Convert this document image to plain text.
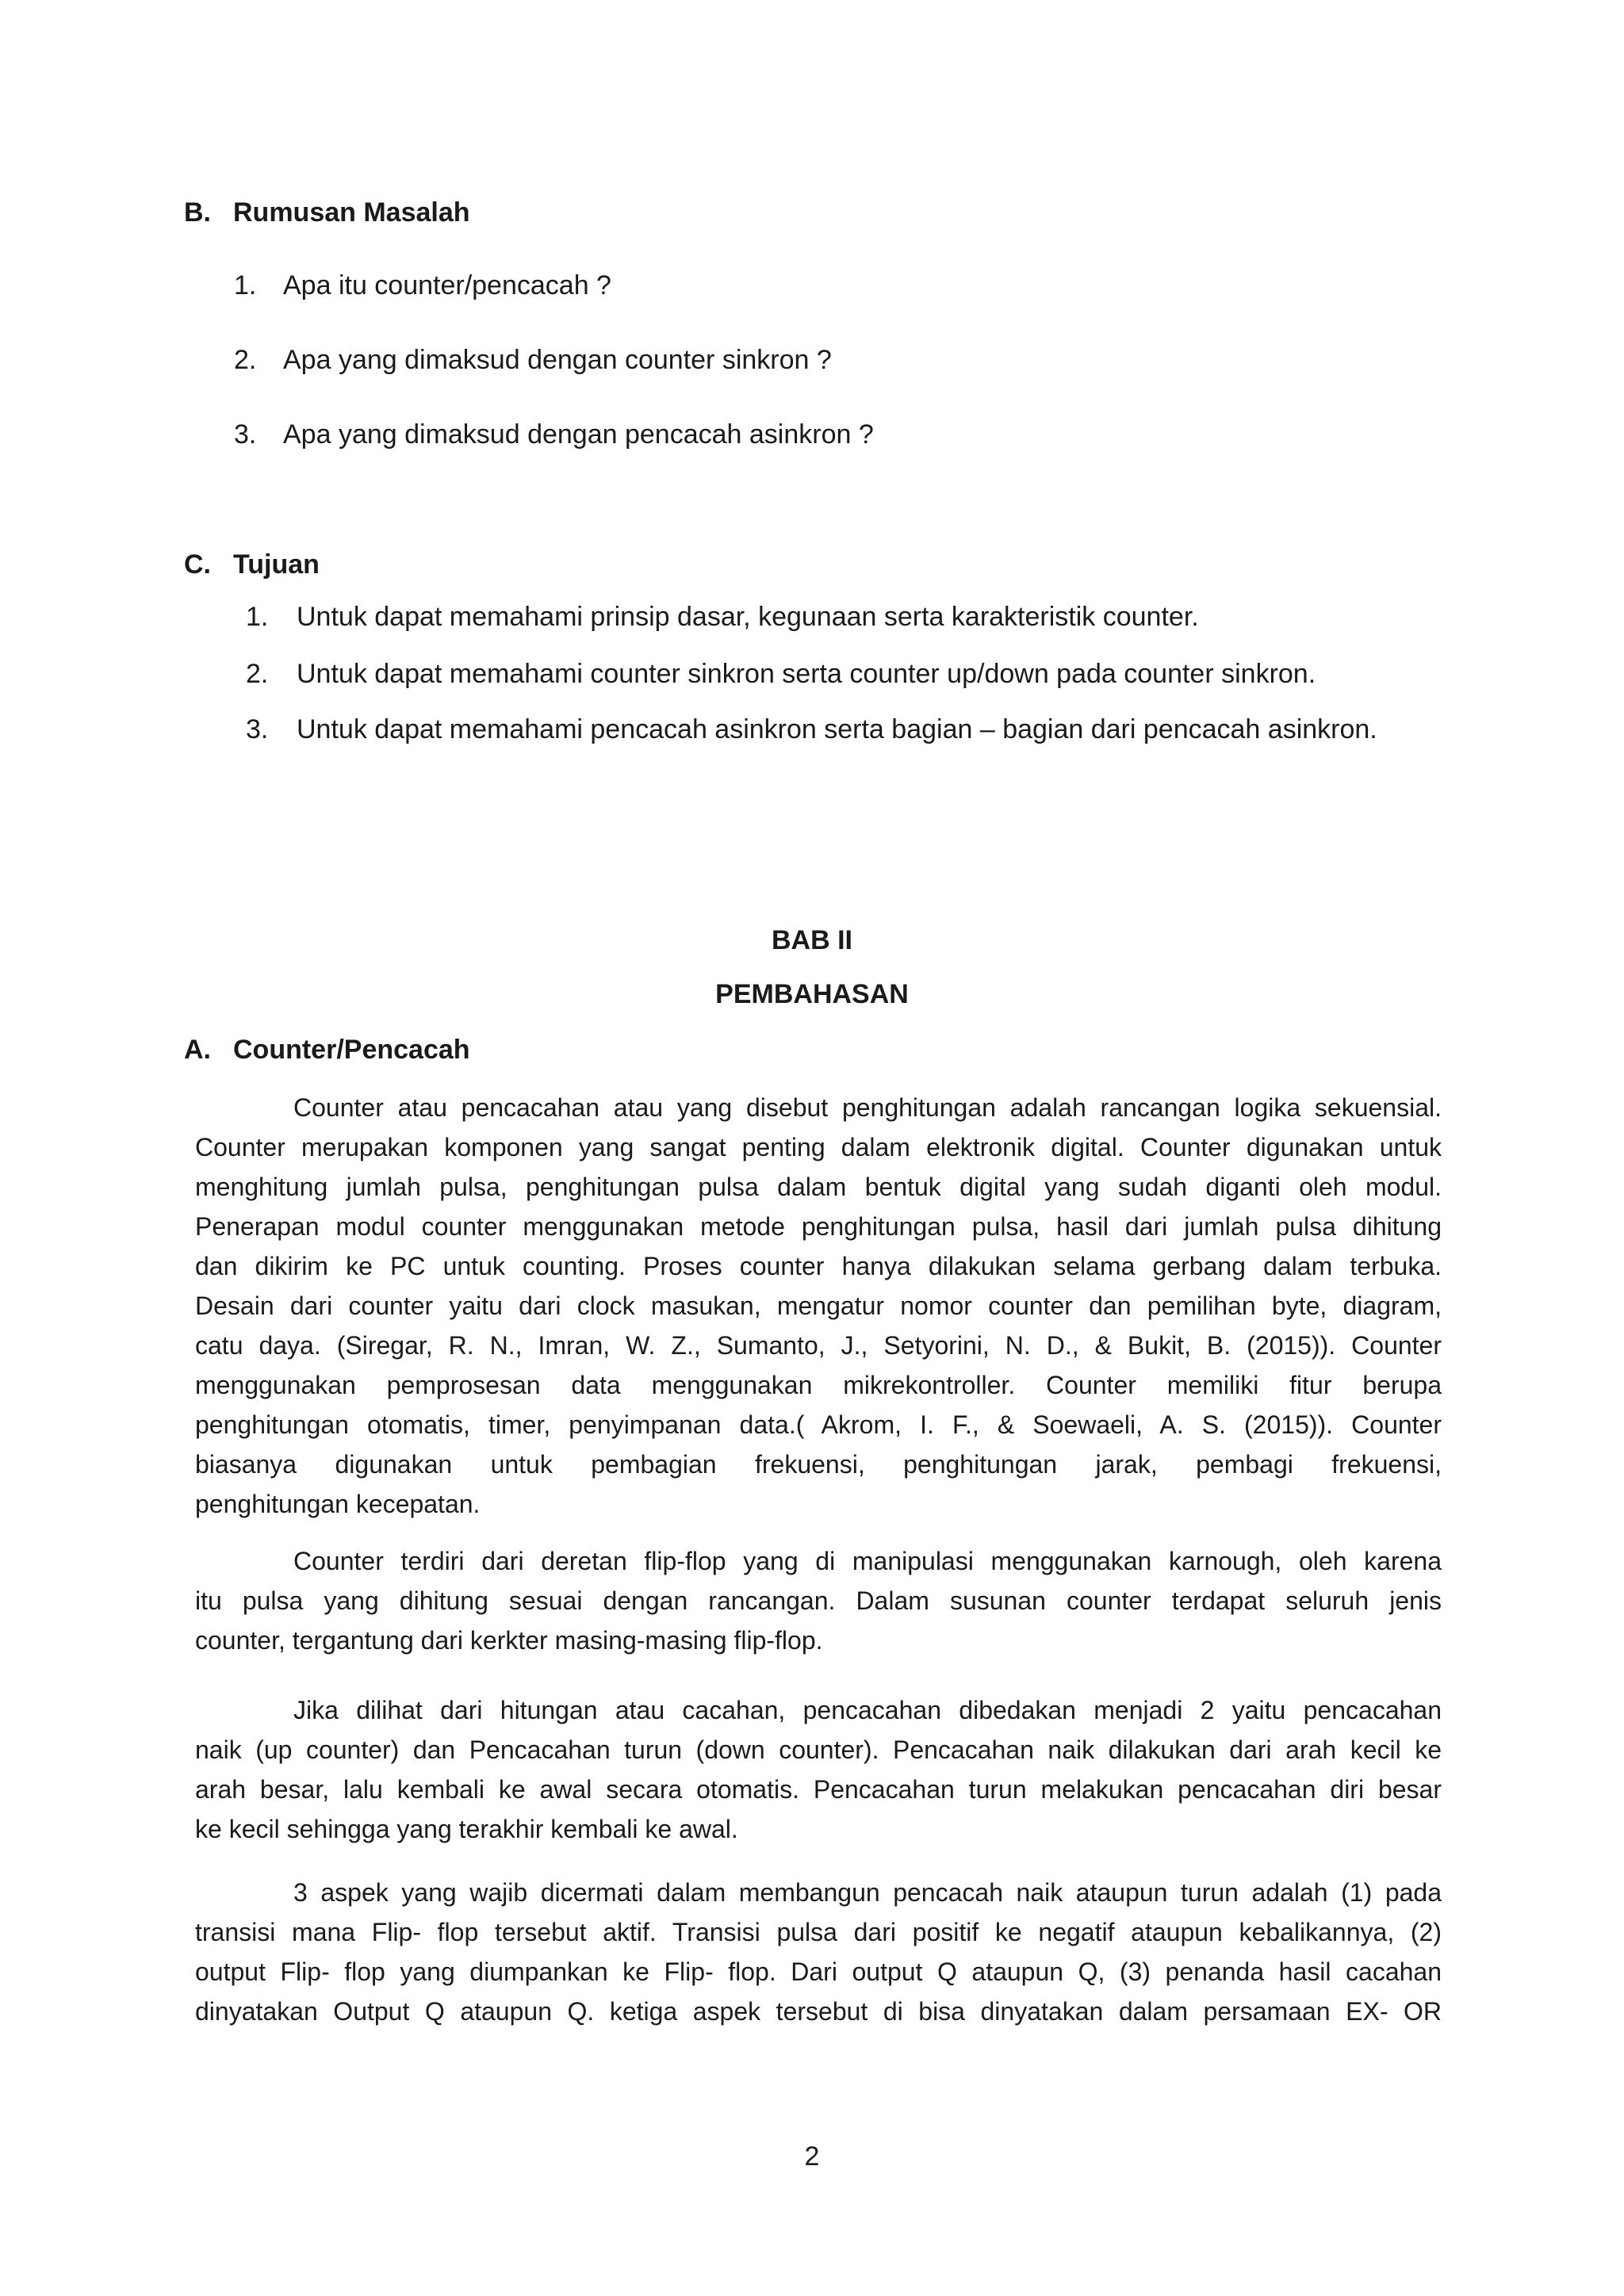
B. Rumusan Masalah
1. Apa itu counter/pencacah ?
2. Apa yang dimaksud dengan counter sinkron ?
3. Apa yang dimaksud dengan pencacah asinkron ?
C. Tujuan
1. Untuk dapat memahami prinsip dasar, kegunaan serta karakteristik counter.
2. Untuk dapat memahami counter sinkron serta counter up/down pada counter sinkron.
3. Untuk dapat memahami pencacah asinkron serta bagian – bagian dari pencacah asinkron.
BAB II
PEMBAHASAN
A. Counter/Pencacah
Counter atau pencacahan atau yang disebut penghitungan adalah rancangan logika sekuensial.
Counter merupakan komponen yang sangat penting dalam elektronik digital. Counter digunakan untuk
menghitung jumlah pulsa, penghitungan pulsa dalam bentuk digital yang sudah diganti oleh modul.
Penerapan modul counter menggunakan metode penghitungan pulsa, hasil dari jumlah pulsa dihitung
dan dikirim ke PC untuk counting. Proses counter hanya dilakukan selama gerbang dalam terbuka.
Desain dari counter yaitu dari clock masukan, mengatur nomor counter dan pemilihan byte, diagram,
catu daya. (Siregar, R. N., Imran, W. Z., Sumanto, J., Setyorini, N. D., & Bukit, B. (2015)). Counter
menggunakan pemprosesan data menggunakan mikrekontroller. Counter memiliki fitur berupa
penghitungan otomatis, timer, penyimpanan data.( Akrom, I. F., & Soewaeli, A. S. (2015)). Counter
biasanya digunakan untuk pembagian frekuensi, penghitungan jarak, pembagi frekuensi,
penghitungan kecepatan.
Counter terdiri dari deretan flip-flop yang di manipulasi menggunakan karnough, oleh karena
itu pulsa yang dihitung sesuai dengan rancangan. Dalam susunan counter terdapat seluruh jenis
counter, tergantung dari kerkter masing-masing flip-flop.
Jika dilihat dari hitungan atau cacahan, pencacahan dibedakan menjadi 2 yaitu pencacahan
naik (up counter) dan Pencacahan turun (down counter). Pencacahan naik dilakukan dari arah kecil ke
arah besar, lalu kembali ke awal secara otomatis. Pencacahan turun melakukan pencacahan diri besar
ke kecil sehingga yang terakhir kembali ke awal.
3 aspek yang wajib dicermati dalam membangun pencacah naik ataupun turun adalah (1) pada
transisi mana Flip- flop tersebut aktif. Transisi pulsa dari positif ke negatif ataupun kebalikannya, (2)
output Flip- flop yang diumpankan ke Flip- flop. Dari output Q ataupun Q, (3) penanda hasil cacahan
dinyatakan Output Q ataupun Q. ketiga aspek tersebut di bisa dinyatakan dalam persamaan EX- OR
2
